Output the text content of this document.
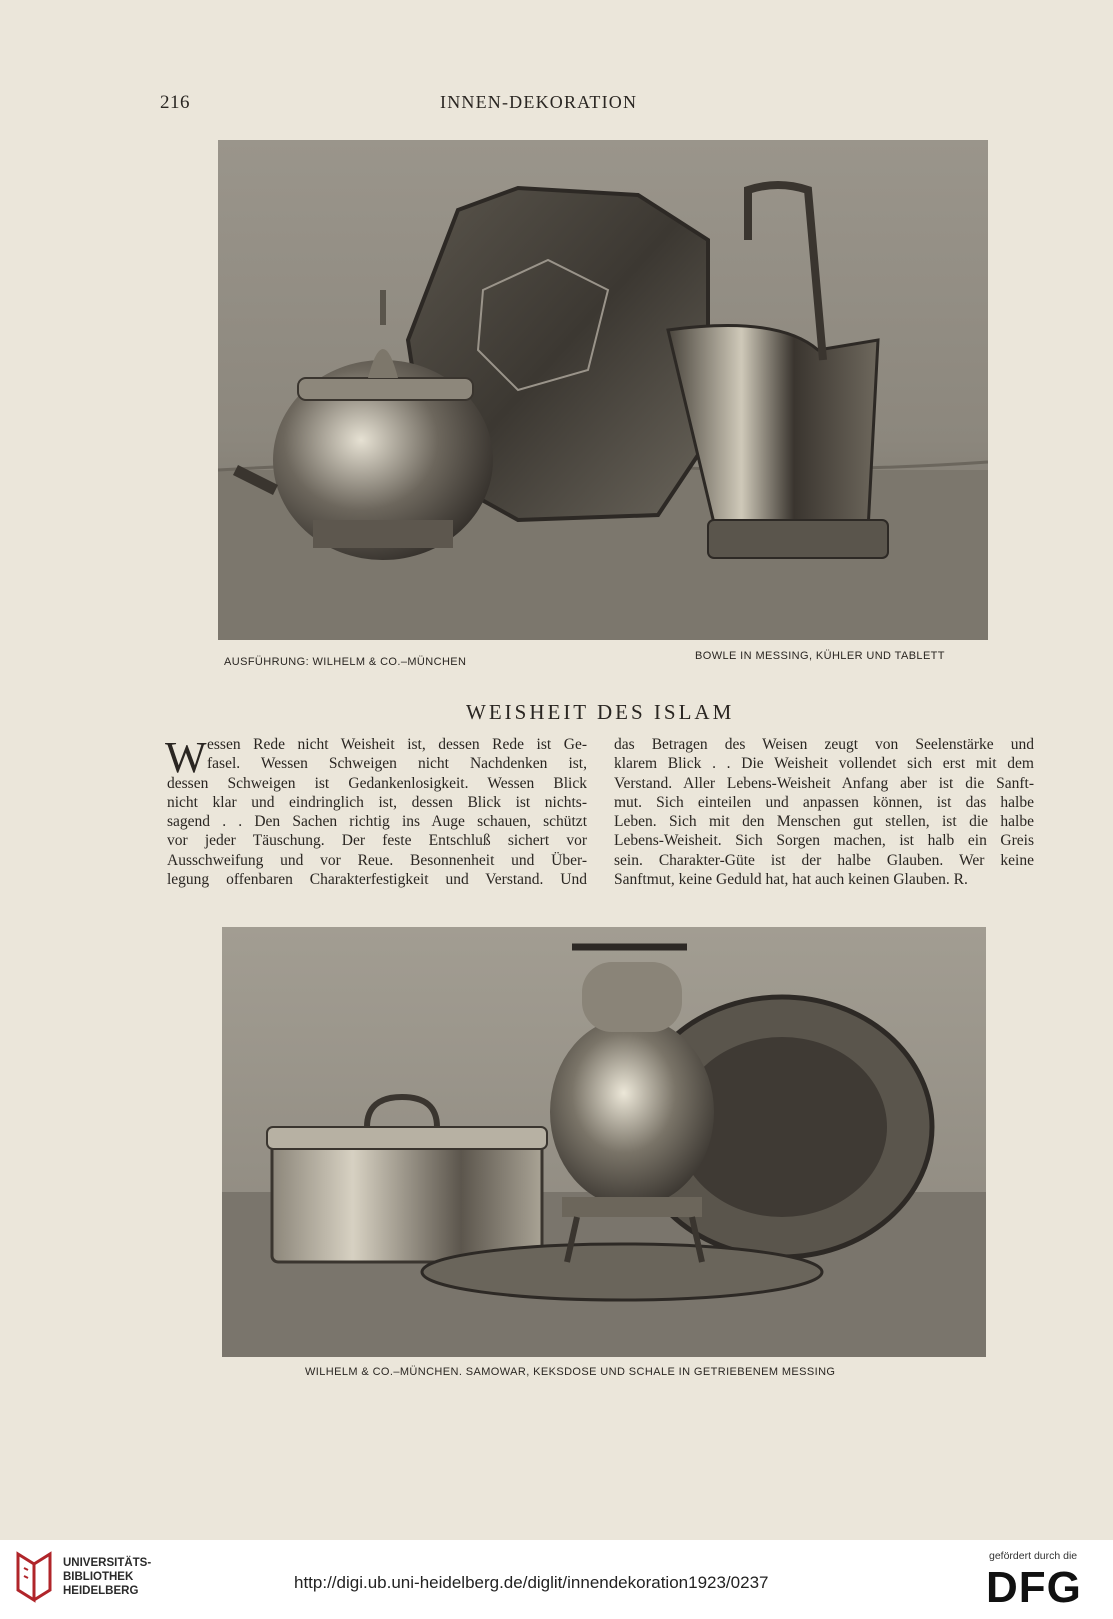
216	INNEN-DEKORATION
AUSFÜHRUNG: WILHELM & CO.–MÜNCHEN	BOWLE IN MESSING, KÜHLER UND TABLETT
WEISHEIT DES ISLAM
W essen Rede nicht Weisheit ist, dessen Rede ist Ge-
fasel. Wessen Schweigen nicht Nachdenken ist,
dessen Schweigen ist Gedankenlosigkeit. Wessen Blick
nicht klar und eindringlich ist, dessen Blick ist nichts-
sagend . . Den Sachen richtig ins Auge schauen, schützt
vor jeder Täuschung. Der feste Entschluß sichert vor
Ausschweifung und vor Reue. Besonnenheit und Über-
legung offenbaren Charakterfestigkeit und Verstand. Und
das Betragen des Weisen zeugt von Seelenstärke und
klarem Blick . . Die Weisheit vollendet sich erst mit dem
Verstand. Aller Lebens-Weisheit Anfang aber ist die Sanft-
mut. Sich einteilen und anpassen können, ist das halbe
Leben. Sich mit den Menschen gut stellen, ist die halbe
Lebens-Weisheit. Sich Sorgen machen, ist halb ein Greis
sein. Charakter-Güte ist der halbe Glauben. Wer keine
Sanftmut, keine Geduld hat, hat auch keinen Glauben. R.
WILHELM & CO.–MÜNCHEN. SAMOWAR, KEKSDOSE UND SCHALE IN GETRIEBENEM MESSING
UNIVERSITÄTS-
BIBLIOTHEK
HEIDELBERG	http://digi.ub.uni-heidelberg.de/diglit/innendekoration1923/0237
gefördert durch die
DFG
